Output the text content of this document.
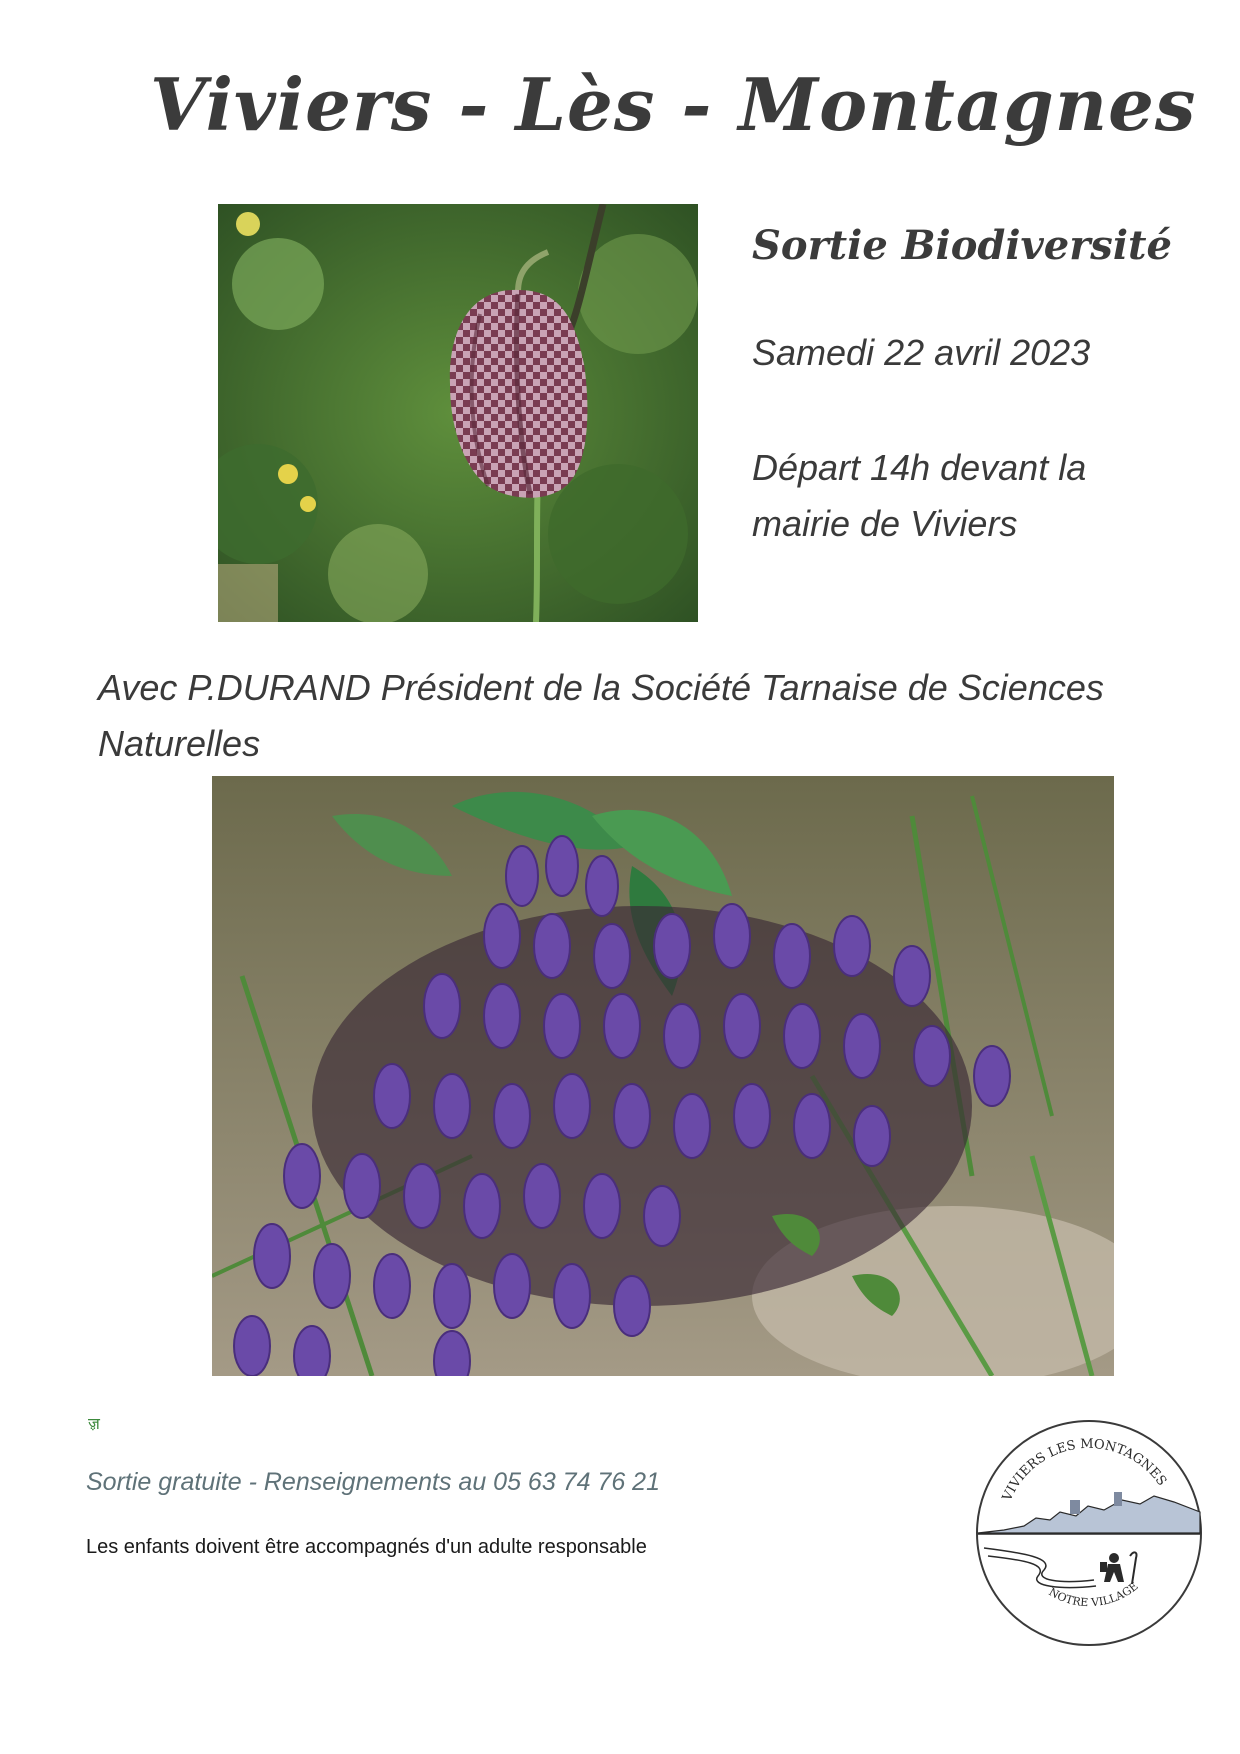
Viviers - Lès - Montagnes
Sortie Biodiversité

Samedi 22 avril 2023

Départ 14h devant la mairie de Viviers

Avec P.DURAND Président de la Société Tarnaise de Sciences Naturelles

ॹ

Sortie gratuite - Renseignements au 05 63 74 76 21

Les enfants doivent être accompagnés d'un adulte responsable

VIVIERS LES MONTAGNES
NOTRE VILLAGE
